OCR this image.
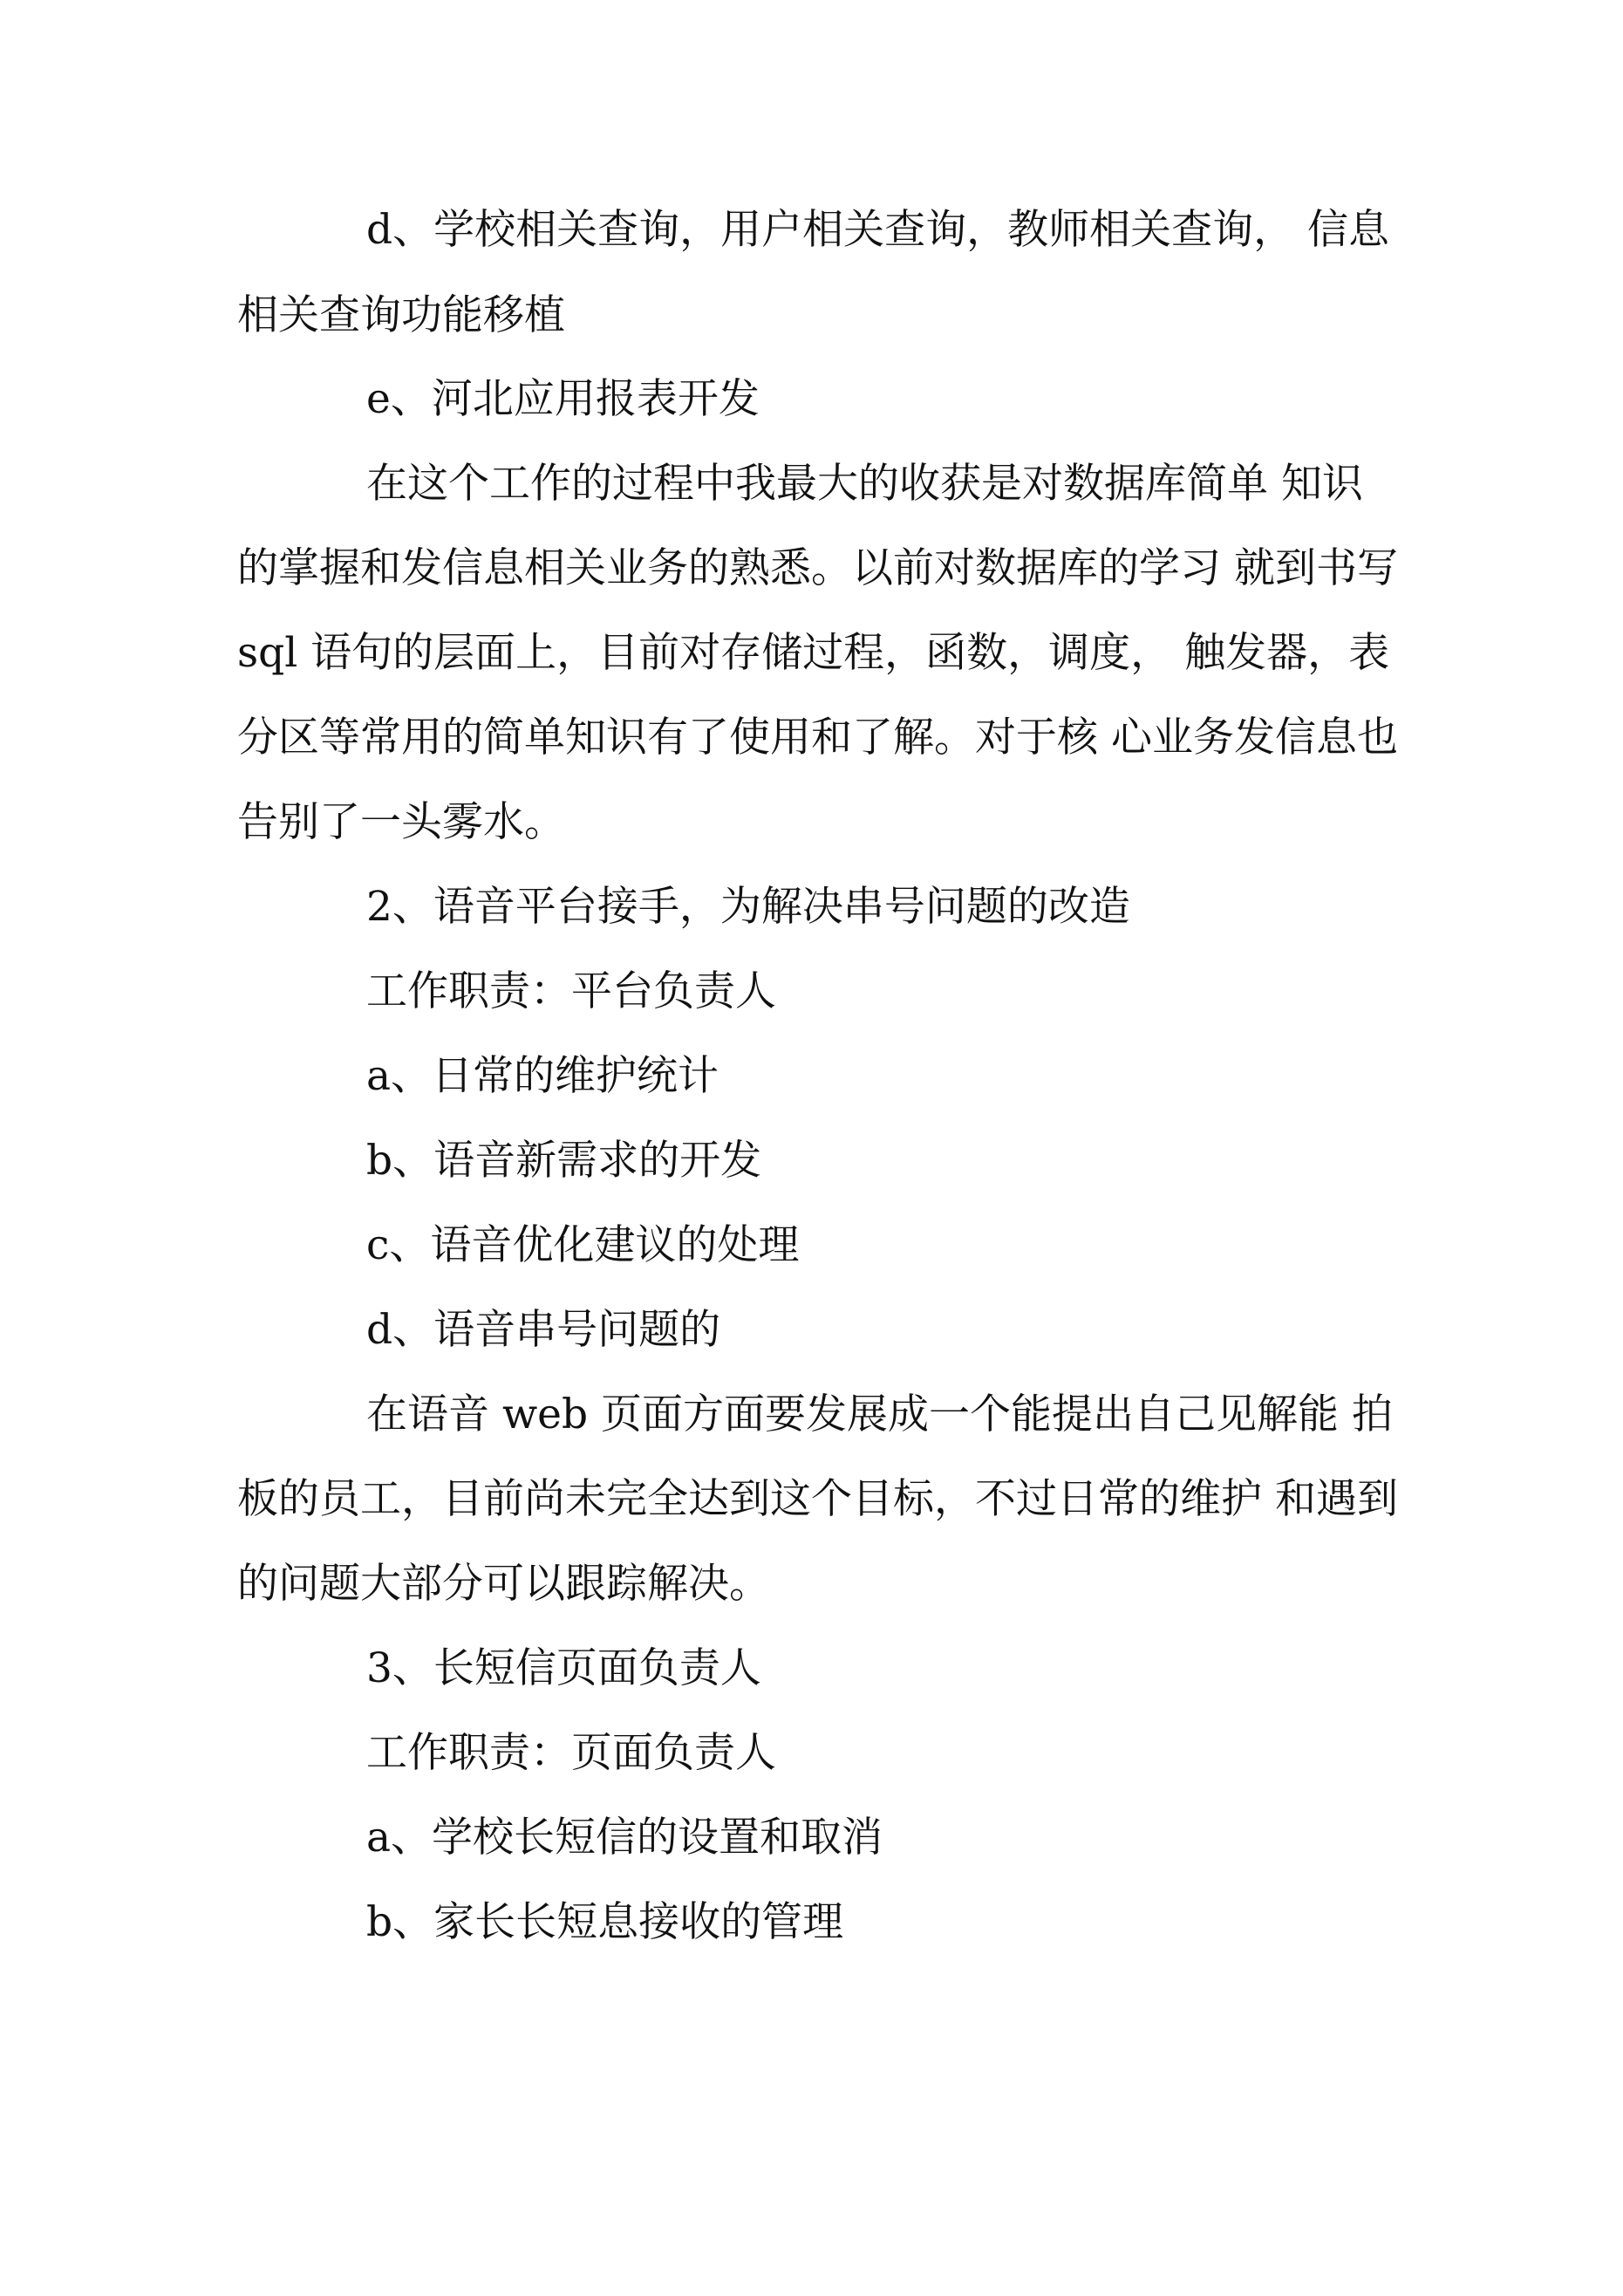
d、学校相关查询，用户相关查询，教师相关查询， 信息
相关查询功能移植
e、河北应用报表开发
在这个工作的过程中我最大的收获是对数据库简单 知识
的掌握和发信息相关业务的熟悉。以前对数据库的学习 就到书写
sql 语句的层面上，目前对存储过程，函数，调度， 触发器，表
分区等常用的简单知识有了使用和了解。对于核 心业务发信息也
告别了一头雾水。
2、语音平台接手，为解决串号问题的改造
工作职责：平台负责人
a、日常的维护统计
b、语音新需求的开发
c、语音优化建议的处理
d、语音串号问题的
在语音 web 页面方面要发展成一个能提出自己见解能 拍
板的员工，目前尚未完全达到这个目标，不过日常的维护 和遇到
的问题大部分可以跟踪解决。
3、长短信页面负责人
工作职责：页面负责人
a、学校长短信的设置和取消
b、家长长短息接收的管理
